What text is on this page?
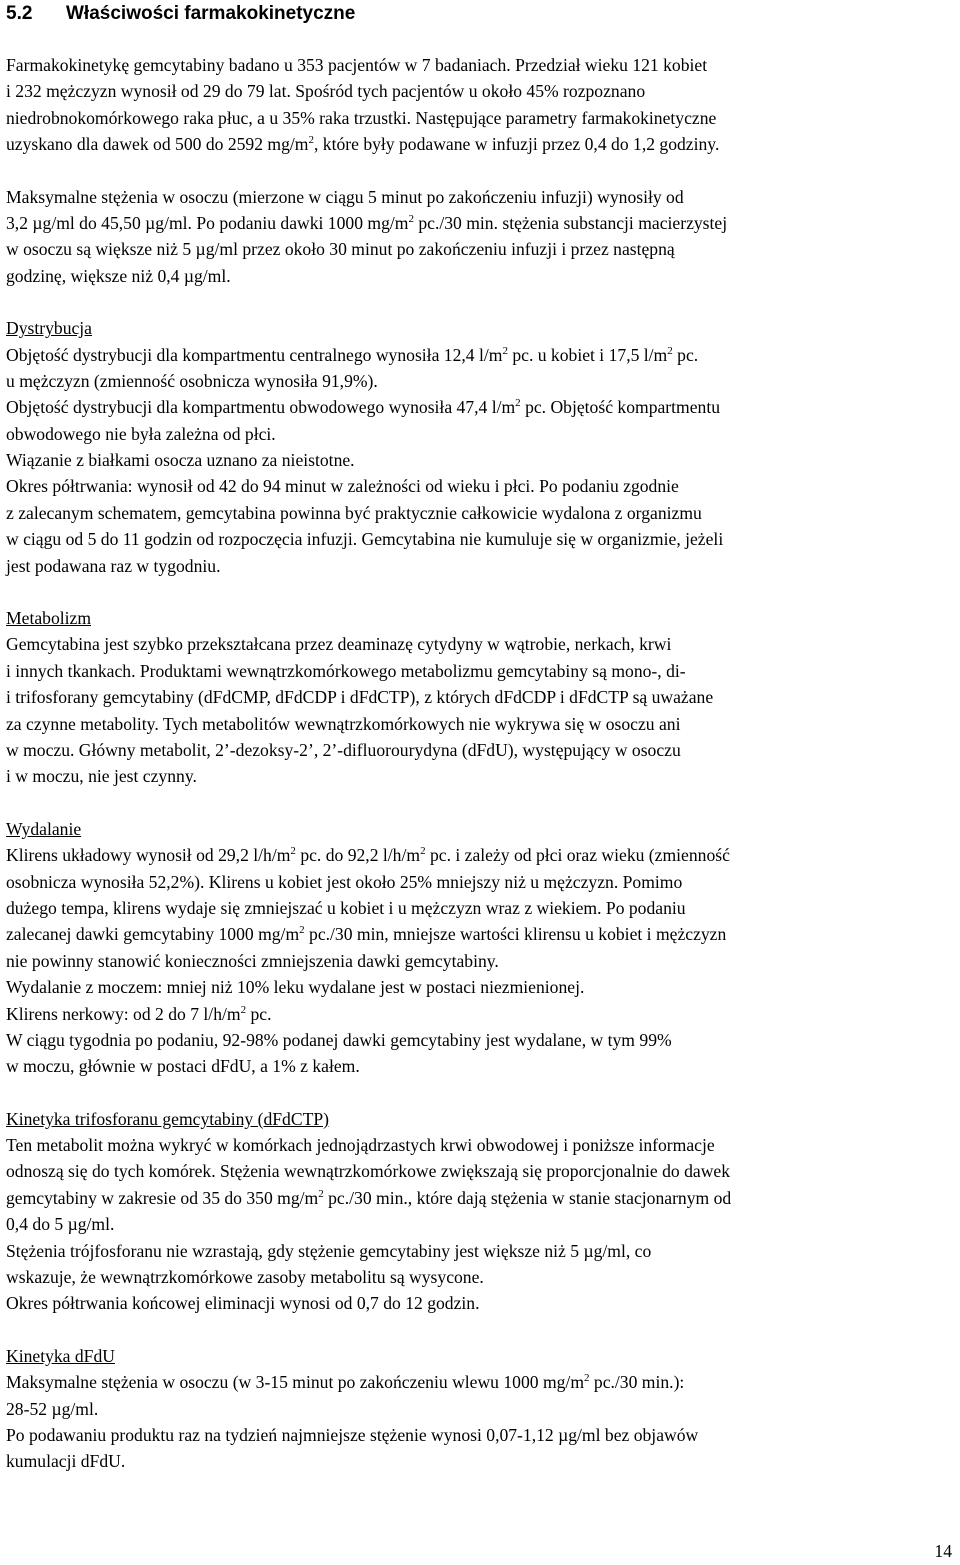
5.2	Właściwości farmakokinetyczne
Farmakokinetykę gemcytabiny badano u 353 pacjentów w 7 badaniach. Przedział wieku 121 kobiet
i 232 mężczyzn wynosił od 29 do 79 lat. Spośród tych pacjentów u około 45% rozpoznano
niedrobnokomórkowego raka płuc, a u 35% raka trzustki. Następujące parametry farmakokinetyczne
uzyskano dla dawek od 500 do 2592 $mg/m^2$, które były podawane w infuzji przez 0,4 do 1,2 godziny.
Maksymalne stężenia w osoczu (mierzone w ciągu 5 minut po zakończeniu infuzji) wynosiły od
3,2 µg/ml do 45,50 µg/ml. Po podaniu dawki 1000 $mg/m^2$ pc./30 min. stężenia substancji macierzystej
w osoczu są większe niż 5 µg/ml przez około 30 minut po zakończeniu infuzji i przez następną
godzinę, większe niż 0,4 µg/ml.
Dystrybucja
Objętość dystrybucji dla kompartmentu centralnego wynosiła 12,4 $l/m^2$ pc. u kobiet i 17,5 $l/m^2$ pc.
u mężczyzn (zmienność osobnicza wynosiła 91,9%).
Objętość dystrybucji dla kompartmentu obwodowego wynosiła 47,4 $l/m^2$ pc. Objętość kompartmentu
obwodowego nie była zależna od płci.
Wiązanie z białkami osocza uznano za nieistotne.
Okres półtrwania: wynosił od 42 do 94 minut w zależności od wieku i płci. Po podaniu zgodnie
z zalecanym schematem, gemcytabina powinna być praktycznie całkowicie wydalona z organizmu
w ciągu od 5 do 11 godzin od rozpoczęcia infuzji. Gemcytabina nie kumuluje się w organizmie, jeżeli
jest podawana raz w tygodniu.
Metabolizm
Gemcytabina jest szybko przekształcana przez deaminazę cytydyny w wątrobie, nerkach, krwi
i innych tkankach. Produktami wewnątrzkomórkowego metabolizmu gemcytabiny są mono-, di-
i trifosforany gemcytabiny (dFdCMP, dFdCDP i dFdCTP), z których dFdCDP i dFdCTP są uważane
za czynne metabolity. Tych metabolitów wewnątrzkomórkowych nie wykrywa się w osoczu ani
w moczu. Główny metabolit, 2’-dezoksy-2’, 2’-difluorourydyna (dFdU), występujący w osoczu
i w moczu, nie jest czynny.
Wydalanie
Klirens układowy wynosił od 29,2 $l/h/m^2$ pc. do 92,2 $l/h/m^2$ pc. i zależy od płci oraz wieku (zmienność
osobnicza wynosiła 52,2%). Klirens u kobiet jest około 25% mniejszy niż u mężczyzn. Pomimo
dużego tempa, klirens wydaje się zmniejszać u kobiet i u mężczyzn wraz z wiekiem. Po podaniu
zalecanej dawki gemcytabiny 1000 $mg/m^2$ pc./30 min, mniejsze wartości klirensu u kobiet i mężczyzn
nie powinny stanowić konieczności zmniejszenia dawki gemcytabiny.
Wydalanie z moczem: mniej niż 10% leku wydalane jest w postaci niezmienionej.
Klirens nerkowy: od 2 do 7 $l/h/m^2$ pc.
W ciągu tygodnia po podaniu, 92-98% podanej dawki gemcytabiny jest wydalane, w tym 99%
w moczu, głównie w postaci dFdU, a 1% z kałem.
Kinetyka trifosforanu gemcytabiny (dFdCTP)
Ten metabolit można wykryć w komórkach jednojądrzastych krwi obwodowej i poniższe informacje
odnoszą się do tych komórek. Stężenia wewnątrzkomórkowe zwiększają się proporcjonalnie do dawek
gemcytabiny w zakresie od 35 do 350 $mg/m^2$ pc./30 min., które dają stężenia w stanie stacjonarnym od
0,4 do 5 µg/ml.
Stężenia trójfosforanu nie wzrastają, gdy stężenie gemcytabiny jest większe niż 5 µg/ml, co
wskazuje, że wewnątrzkomórkowe zasoby metabolitu są wysycone.
Okres półtrwania końcowej eliminacji wynosi od 0,7 do 12 godzin.
Kinetyka dFdU
Maksymalne stężenia w osoczu (w 3-15 minut po zakończeniu wlewu 1000 $mg/m^2$ pc./30 min.):
28-52 µg/ml.
Po podawaniu produktu raz na tydzień najmniejsze stężenie wynosi 0,07-1,12 µg/ml bez objawów
kumulacji dFdU.
14
